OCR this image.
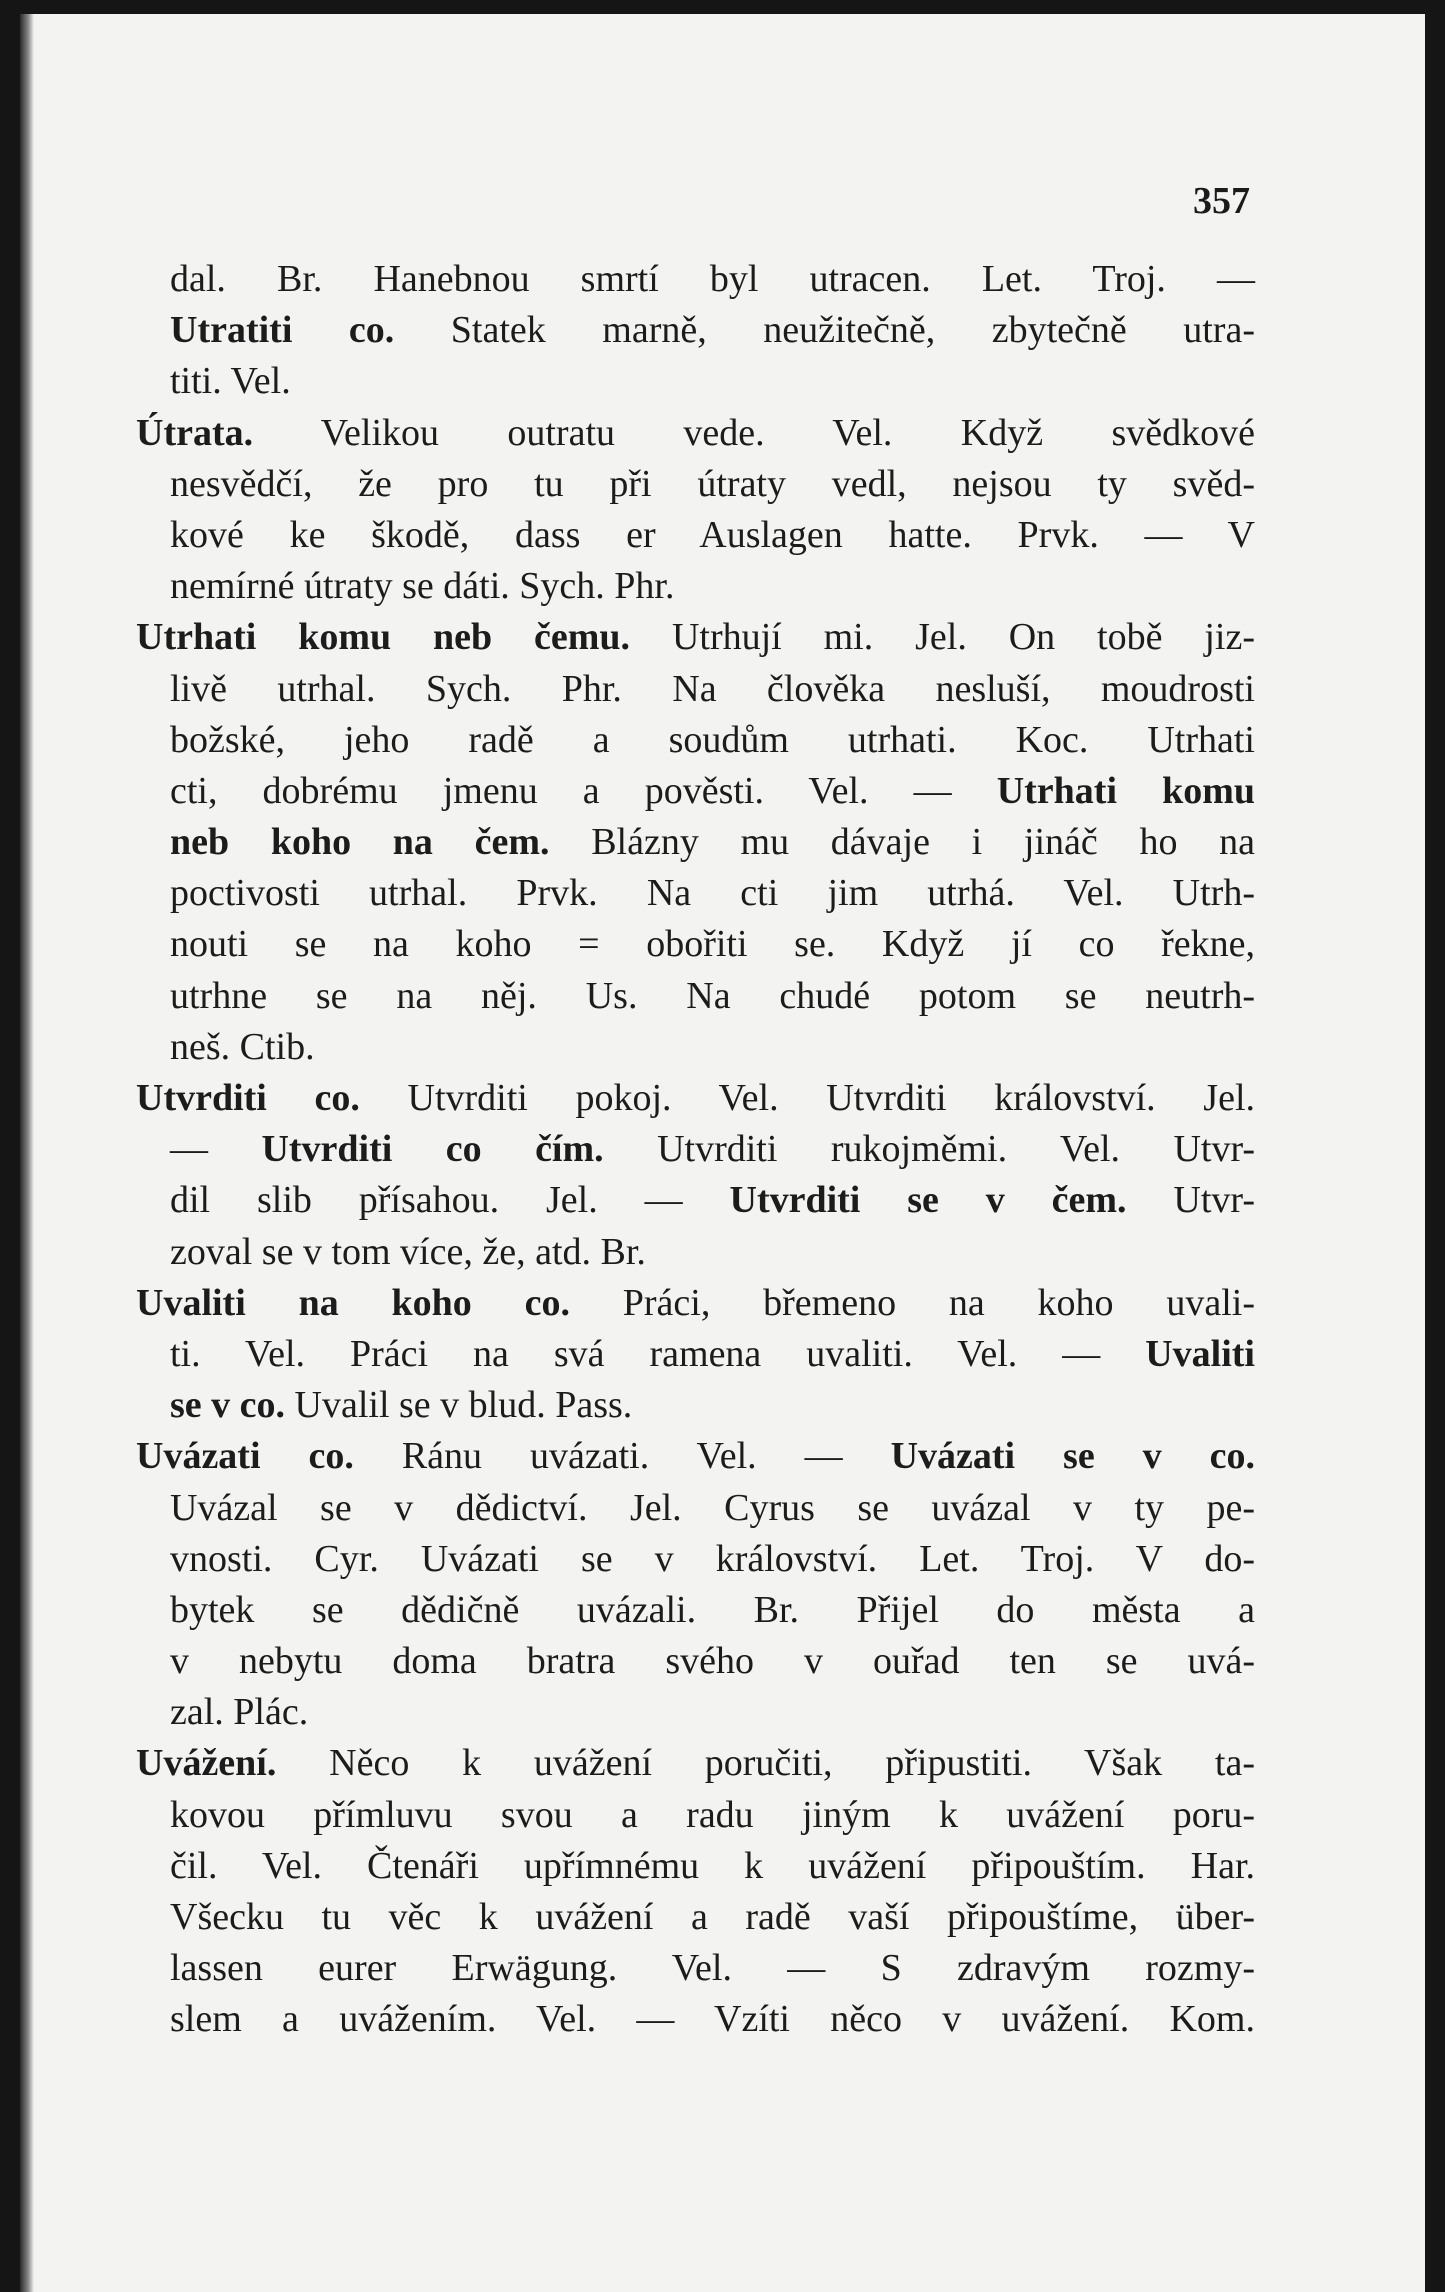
357
dal. Br. Hanebnou smrtí byl utracen. Let. Troj. —
Utratiti co. Statek marně, neužitečně, zbytečně utra-
titi. Vel.
Útrata. Velikou outratu vede. Vel. Když svědkové
nesvědčí, že pro tu při útraty vedl, nejsou ty svěd-
kové ke škodě, dass er Auslagen hatte. Prvk. — V
nemírné útraty se dáti. Sych. Phr.
Utrhati komu neb čemu. Utrhují mi. Jel. On tobě jiz-
livě utrhal. Sych. Phr. Na člověka nesluší, moudrosti
božské, jeho radě a soudům utrhati. Koc. Utrhati
cti, dobrému jmenu a pověsti. Vel. — Utrhati komu
neb koho na čem. Blázny mu dávaje i jináč ho na
poctivosti utrhal. Prvk. Na cti jim utrhá. Vel. Utrh-
nouti se na koho = obořiti se. Když jí co řekne,
utrhne se na něj. Us. Na chudé potom se neutrh-
neš. Ctib.
Utvrditi co. Utvrditi pokoj. Vel. Utvrditi království. Jel.
— Utvrditi co čím. Utvrditi rukojměmi. Vel. Utvr-
dil slib přísahou. Jel. — Utvrditi se v čem. Utvr-
zoval se v tom více, že, atd. Br.
Uvaliti na koho co. Práci, břemeno na koho uvali-
ti. Vel. Práci na svá ramena uvaliti. Vel. — Uvaliti
se v co. Uvalil se v blud. Pass.
Uvázati co. Ránu uvázati. Vel. — Uvázati se v co.
Uvázal se v dědictví. Jel. Cyrus se uvázal v ty pe-
vnosti. Cyr. Uvázati se v království. Let. Troj. V do-
bytek se dědičně uvázali. Br. Přijel do města a
v nebytu doma bratra svého v ouřad ten se uvá-
zal. Pláс.
Uvážení. Něco k uvážení poručiti, připustiti. Však ta-
kovou přímluvu svou a radu jiným k uvážení poru-
čil. Vel. Čtenáři upřímnému k uvážení připouštím. Har.
Všecku tu věc k uvážení a radě vaší připouštíme, über-
lassen eurer Erwägung. Vel. — S zdravým rozmy-
slem a uvážením. Vel. — Vzíti něco v uvážení. Kom.
